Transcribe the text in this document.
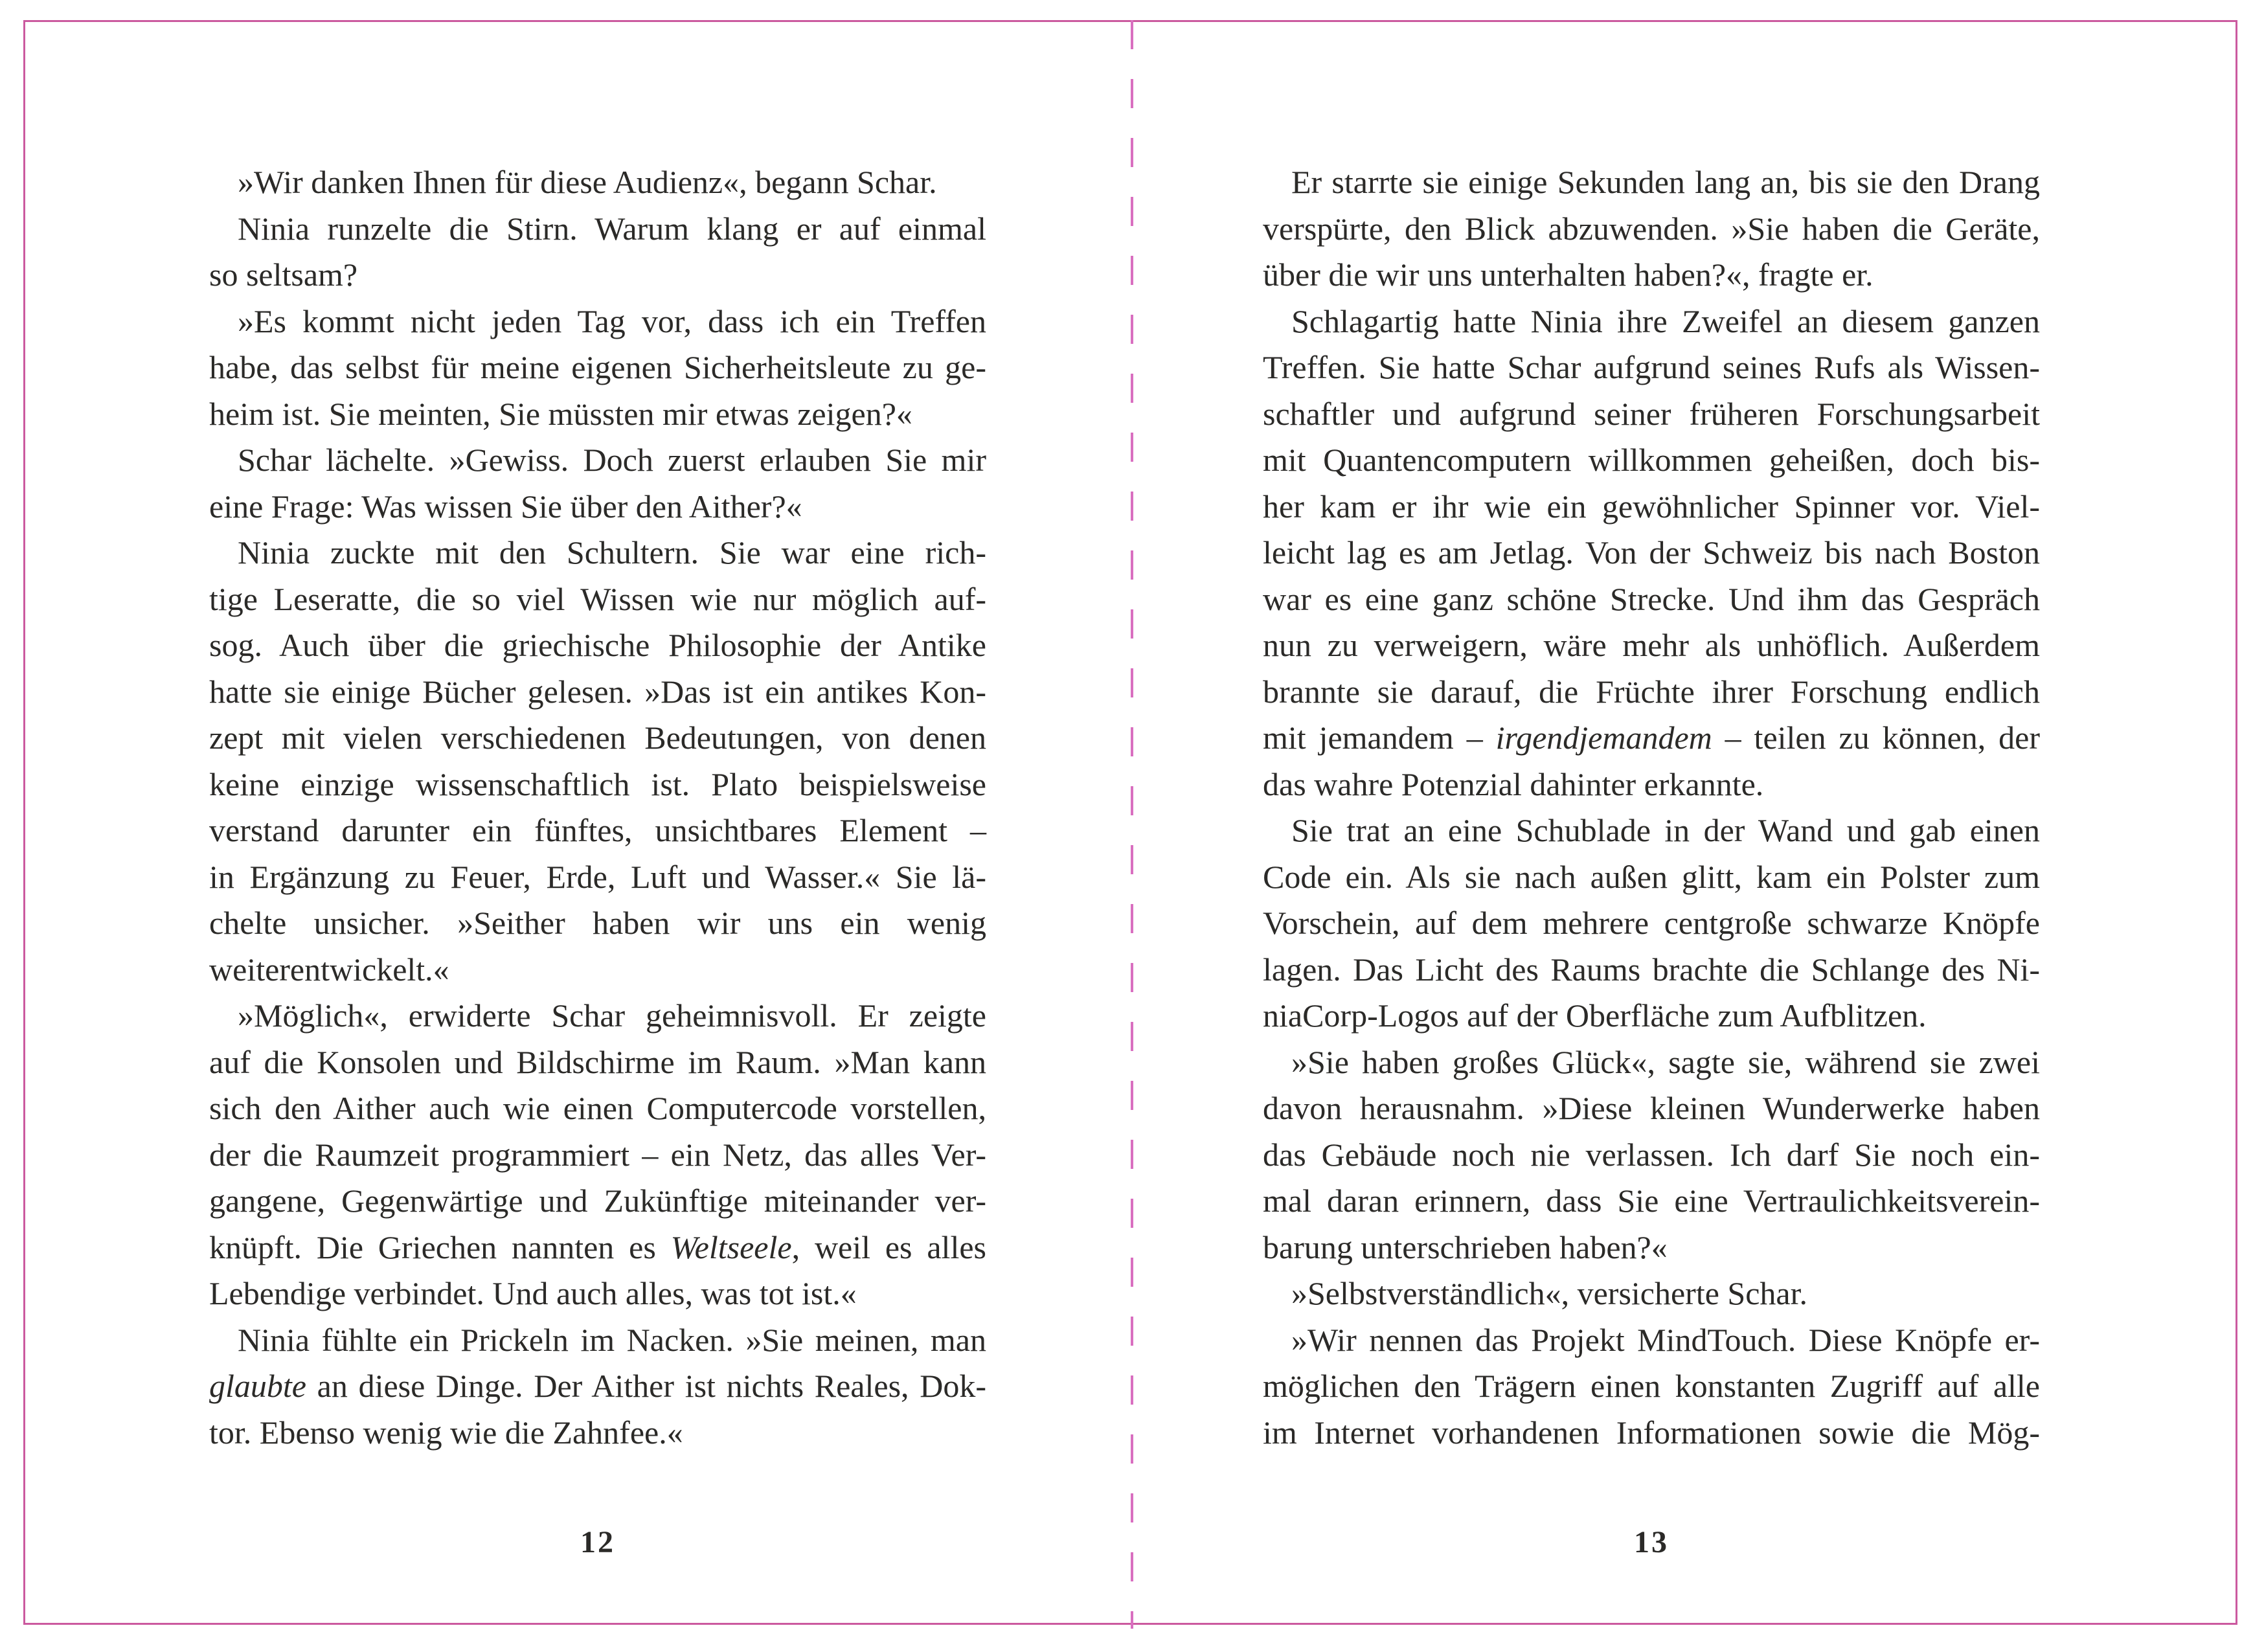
»Wir danken Ihnen für diese Audienz«, begann Schar.
Ninia runzelte die Stirn. Warum klang er auf einmal
so seltsam?
»Es kommt nicht jeden Tag vor, dass ich ein Treffen
habe, das selbst für meine eigenen Sicherheitsleute zu ge-
heim ist. Sie meinten, Sie müssten mir etwas zeigen?«
Schar lächelte. »Gewiss. Doch zuerst erlauben Sie mir
eine Frage: Was wissen Sie über den Aither?«
Ninia zuckte mit den Schultern. Sie war eine rich-
tige Leseratte, die so viel Wissen wie nur möglich auf-
sog. Auch über die griechische Philosophie der Antike
hatte sie einige Bücher gelesen. »Das ist ein antikes Kon-
zept mit vielen verschiedenen Bedeutungen, von denen
keine einzige wissenschaftlich ist. Plato beispielsweise
verstand darunter ein fünftes, unsichtbares Element –
in Ergänzung zu Feuer, Erde, Luft und Wasser.« Sie lä-
chelte unsicher. »Seither haben wir uns ein wenig
weiterentwickelt.«
»Möglich«, erwiderte Schar geheimnisvoll. Er zeigte
auf die Konsolen und Bildschirme im Raum. »Man kann
sich den Aither auch wie einen Computercode vorstellen,
der die Raumzeit programmiert – ein Netz, das alles Ver-
gangene, Gegenwärtige und Zukünftige miteinander ver-
knüpft. Die Griechen nannten es Weltseele, weil es alles
Lebendige verbindet. Und auch alles, was tot ist.«
Ninia fühlte ein Prickeln im Nacken. »Sie meinen, man
glaubte an diese Dinge. Der Aither ist nichts Reales, Dok-
tor. Ebenso wenig wie die Zahnfee.«
Er starrte sie einige Sekunden lang an, bis sie den Drang
verspürte, den Blick abzuwenden. »Sie haben die Geräte,
über die wir uns unterhalten haben?«, fragte er.
Schlagartig hatte Ninia ihre Zweifel an diesem ganzen
Treffen. Sie hatte Schar aufgrund seines Rufs als Wissen-
schaftler und aufgrund seiner früheren Forschungsarbeit
mit Quantencomputern willkommen geheißen, doch bis-
her kam er ihr wie ein gewöhnlicher Spinner vor. Viel-
leicht lag es am Jetlag. Von der Schweiz bis nach Boston
war es eine ganz schöne Strecke. Und ihm das Gespräch
nun zu verweigern, wäre mehr als unhöflich. Außerdem
brannte sie darauf, die Früchte ihrer Forschung endlich
mit jemandem – irgendjemandem – teilen zu können, der
das wahre Potenzial dahinter erkannte.
Sie trat an eine Schublade in der Wand und gab einen
Code ein. Als sie nach außen glitt, kam ein Polster zum
Vorschein, auf dem mehrere centgroße schwarze Knöpfe
lagen. Das Licht des Raums brachte die Schlange des Ni-
niaCorp-Logos auf der Oberfläche zum Aufblitzen.
»Sie haben großes Glück«, sagte sie, während sie zwei
davon herausnahm. »Diese kleinen Wunderwerke haben
das Gebäude noch nie verlassen. Ich darf Sie noch ein-
mal daran erinnern, dass Sie eine Vertraulichkeitsverein-
barung unterschrieben haben?«
»Selbstverständlich«, versicherte Schar.
»Wir nennen das Projekt MindTouch. Diese Knöpfe er-
möglichen den Trägern einen konstanten Zugriff auf alle
im Internet vorhandenen Informationen sowie die Mög-
12	13
